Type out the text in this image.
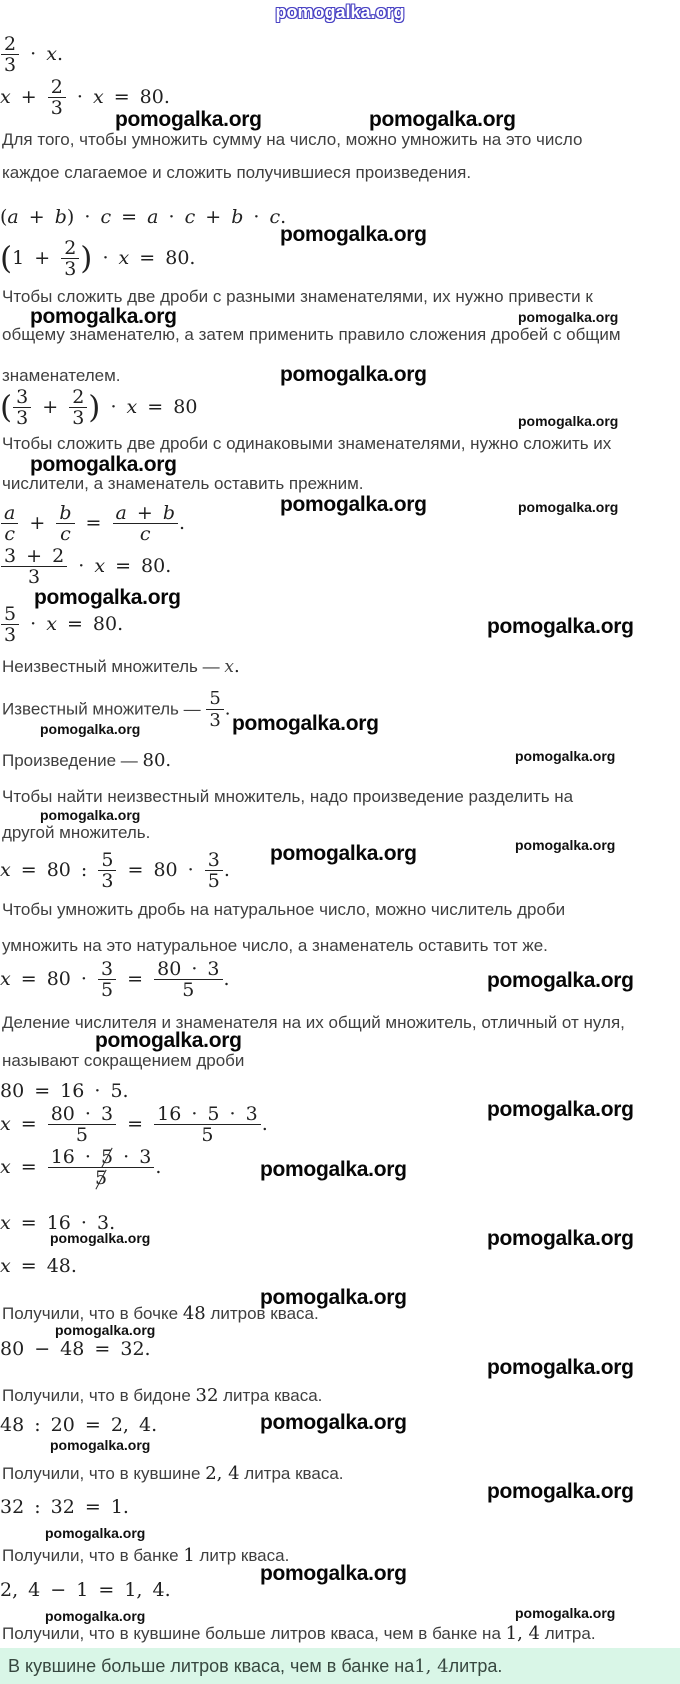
pomogalka.org
$\frac{2}{3} \cdot x$.
$x + \frac{2}{3} \cdot x = 80$.
pomogalka.org	pomogalka.org
Для того, чтобы умножить сумму на число, можно умножить на это число
каждое слагаемое и сложить получившиеся произведения.
(a + b) · c = a · c + b · c.
pomogalka.org
($1 + \frac{2}{3}$ ) · x = 80.
Чтобы сложить две дроби с разными знаменателями, их нужно привести к
pomogalka.org	pomogalka.org
общему знаменателю, а затем применить правило сложения дробей с общим
pomogalka.org
знаменателем.
( $\frac{3}{3} + \frac{2}{3}$ ) · x = 80
pomogalka.org
Чтобы сложить две дроби с одинаковыми знаменателями, нужно сложить их
pomogalka.org
числители, а знаменатель оставить прежним.
pomogalka.org	pomogalka.org
$\frac{a}{c} + \frac{b}{c} = \frac{a + b}{c}$ .
$\frac{3 + 2}{3} \cdot x = 80$.
pomogalka.org
$\frac{5}{3} \cdot x = 80$.	pomogalka.org
Неизвестный множитель — x.
Известный множитель — $\frac{5}{3}$ .
pomogalka.org
pomogalka.org
Произведение — 80.	pomogalka.org
Чтобы найти неизвестный множитель, надо произведение разделить на
pomogalka.org
другой множитель.
pomogalka.org
pomogalka.org
x = 80 : $\frac{5}{3} = 80 \cdot \frac{3}{5}$ .
Чтобы умножить дробь на натуральное число, можно числитель дроби
умножить на это натуральное число, а знаменатель оставить тот же.
$x = 80 \cdot \frac{3}{5} = \frac{80 \cdot 3}{5}$ .	pomogalka.org
Деление числителя и знаменателя на их общий множитель, отличный от нуля,
pomogalka.org
называют сокращением дроби
80 = 16 · 5.
pomogalka.org
$x = \frac{80 \cdot 3}{5} = \frac{16 \cdot 5 \cdot 3}{5}$ .
$x = \frac{16 \cdot 5 \cdot 3}{5}$ .	pomogalka.org
x = 16 · 3.
pomogalka.org
pomogalka.org
x = 48.
pomogalka.org
Получили, что в бочке 48 литров кваса.
pomogalka.org
80 − 48 = 32.
pomogalka.org
Получили, что в бидоне 32 литра кваса.
pomogalka.org
48 : 20 = 2, 4.
pomogalka.org
Получили, что в кувшине 2, 4 литра кваса.
pomogalka.org
32 : 32 = 1.
pomogalka.org
Получили, что в банке 1 литр кваса.
pomogalka.org
2, 4 − 1 = 1, 4.
pomogalka.org	pomogalka.org
Получили, что в кувшине больше литров кваса, чем в банке на 1, 4 литра.
В кувшине больше литров кваса, чем в банке на 1, 4 литра.
